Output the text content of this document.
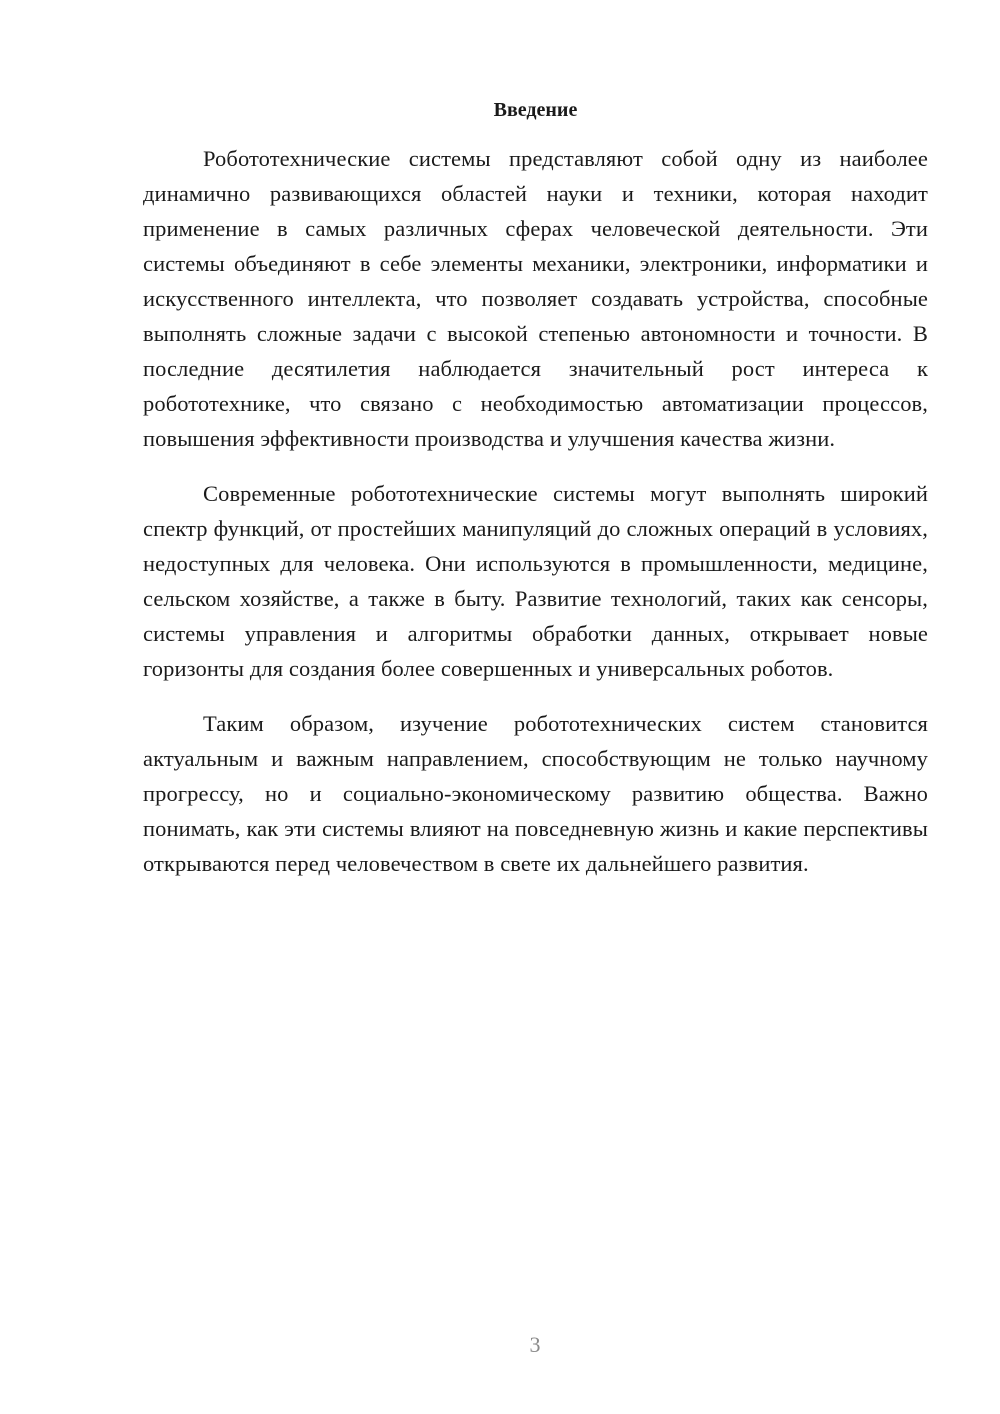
Введение

Робототехнические системы представляют собой одну из наиболее динамично развивающихся областей науки и техники, которая находит применение в самых различных сферах человеческой деятельности. Эти системы объединяют в себе элементы механики, электроники, информатики и искусственного интеллекта, что позволяет создавать устройства, способные выполнять сложные задачи с высокой степенью автономности и точности. В последние десятилетия наблюдается значительный рост интереса к робототехнике, что связано с необходимостью автоматизации процессов, повышения эффективности производства и улучшения качества жизни.

Современные робототехнические системы могут выполнять широкий спектр функций, от простейших манипуляций до сложных операций в условиях, недоступных для человека. Они используются в промышленности, медицине, сельском хозяйстве, а также в быту. Развитие технологий, таких как сенсоры, системы управления и алгоритмы обработки данных, открывает новые горизонты для создания более совершенных и универсальных роботов.

Таким образом, изучение робототехнических систем становится актуальным и важным направлением, способствующим не только научному прогрессу, но и социально-экономическому развитию общества. Важно понимать, как эти системы влияют на повседневную жизнь и какие перспективы открываются перед человечеством в свете их дальнейшего развития.

3
